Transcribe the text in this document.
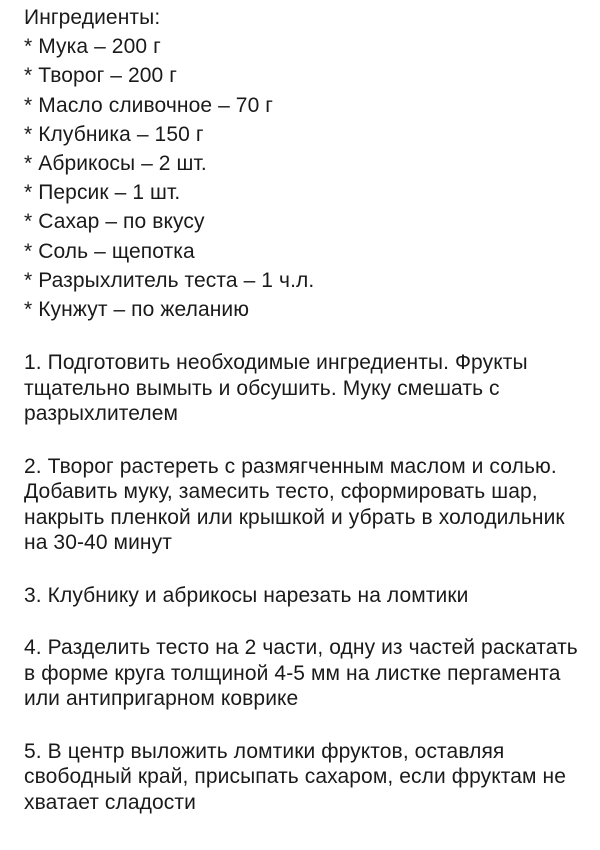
Ингредиенты:

* Мука – 200 г
* Творог – 200 г
* Масло сливочное – 70 г
* Клубника – 150 г
* Абрикосы – 2 шт.
* Персик – 1 шт.
* Сахар – по вкусу
* Соль – щепотка
* Разрыхлитель теста – 1 ч.л.
* Кунжут – по желанию

1. Подготовить необходимые ингредиенты. Фрукты тщательно вымыть и обсушить. Муку смешать с разрыхлителем

2. Творог растереть с размягченным маслом и солью. Добавить муку, замесить тесто, сформировать шар, накрыть пленкой или крышкой и убрать в холодильник на 30-40 минут

3. Клубнику и абрикосы нарезать на ломтики

4. Разделить тесто на 2 части, одну из частей раскатать в форме круга толщиной 4-5 мм на листке пергамента или антипригарном коврике

5. В центр выложить ломтики фруктов, оставляя свободный край, присыпать сахаром, если фруктам не хватает сладости
